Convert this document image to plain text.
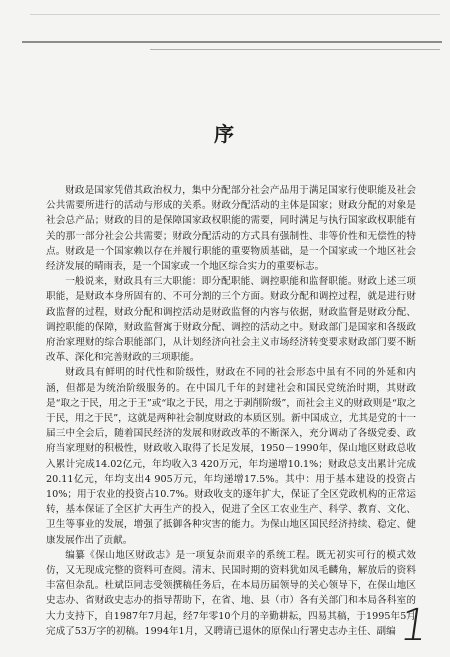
序

财政是国家凭借其政治权力，集中分配部分社会产品用于满足国家行使职能及社会公共需要所进行的活动与形成的关系。财政分配活动的主体是国家；财政分配的对象是社会总产品；财政的目的是保障国家政权职能的需要，同时满足与执行国家政权职能有关的那一部分社会公共需要；财政分配活动的方式具有强制性、非等价性和无偿性的特点。财政是一个国家赖以存在并履行职能的重要物质基础，是一个国家或一个地区社会经济发展的晴雨表，是一个国家或一个地区综合实力的重要标志。

一般说来，财政具有三大职能：即分配职能、调控职能和监督职能。财政上述三项职能，是财政本身所固有的、不可分割的三个方面。财政分配和调控过程，就是进行财政监督的过程，财政分配和调控活动是财政监督的内容与依据，财政监督是财政分配、调控职能的保障，财政监督寓于财政分配、调控的活动之中。财政部门是国家和各级政府治家理财的综合职能部门，从计划经济向社会主义市场经济转变要求财政部门要不断改革、深化和完善财政的三项职能。

财政具有鲜明的时代性和阶级性，财政在不同的社会形态中虽有不同的外延和内涵，但都是为统治阶级服务的。在中国几千年的封建社会和国民党统治时期，其财政是“取之于民，用之于王”或“取之于民，用之于剥削阶级”，而社会主义的财政则是“取之于民，用之于民”，这就是两种社会制度财政的本质区别。新中国成立，尤其是党的十一届三中全会后，随着国民经济的发展和财政改革的不断深入，充分调动了各级党委、政府当家理财的积极性，财政收入取得了长足发展，1950－1990年，保山地区财政总收入累计完成14.02亿元，年均收入3 420万元，年均递增10.1%；财政总支出累计完成20.11亿元，年均支出4 905万元，年均递增17.5%。其中：用于基本建设的投资占10%；用于农业的投资占10.7%。财政收支的逐年扩大，保证了全区党政机构的正常运转，基本保证了全区扩大再生产的投入，促进了全区工农业生产、科学、教育、文化、卫生等事业的发展，增强了抵御各种灾害的能力。为保山地区国民经济持续、稳定、健康发展作出了贡献。

编纂《保山地区财政志》是一项复杂而艰辛的系统工程。既无初实可行的模式效仿，又无现成完整的资料可查阅。清末、民国时期的资料犹如凤毛麟角，解放后的资料丰富但杂乱。杜斌臣同志受领撰稿任务后，在本局历届领导的关心领导下，在保山地区史志办、省财政史志办的指导帮助下，在省、地、县（市）各有关部门和本局各科室的大力支持下，自1987年7月起，经7年零10个月的辛勤耕耘，四易其稿，于1995年5月完成了53万字的初稿。1994年1月，又聘请已退休的原保山行署史志办主任、副编 1
